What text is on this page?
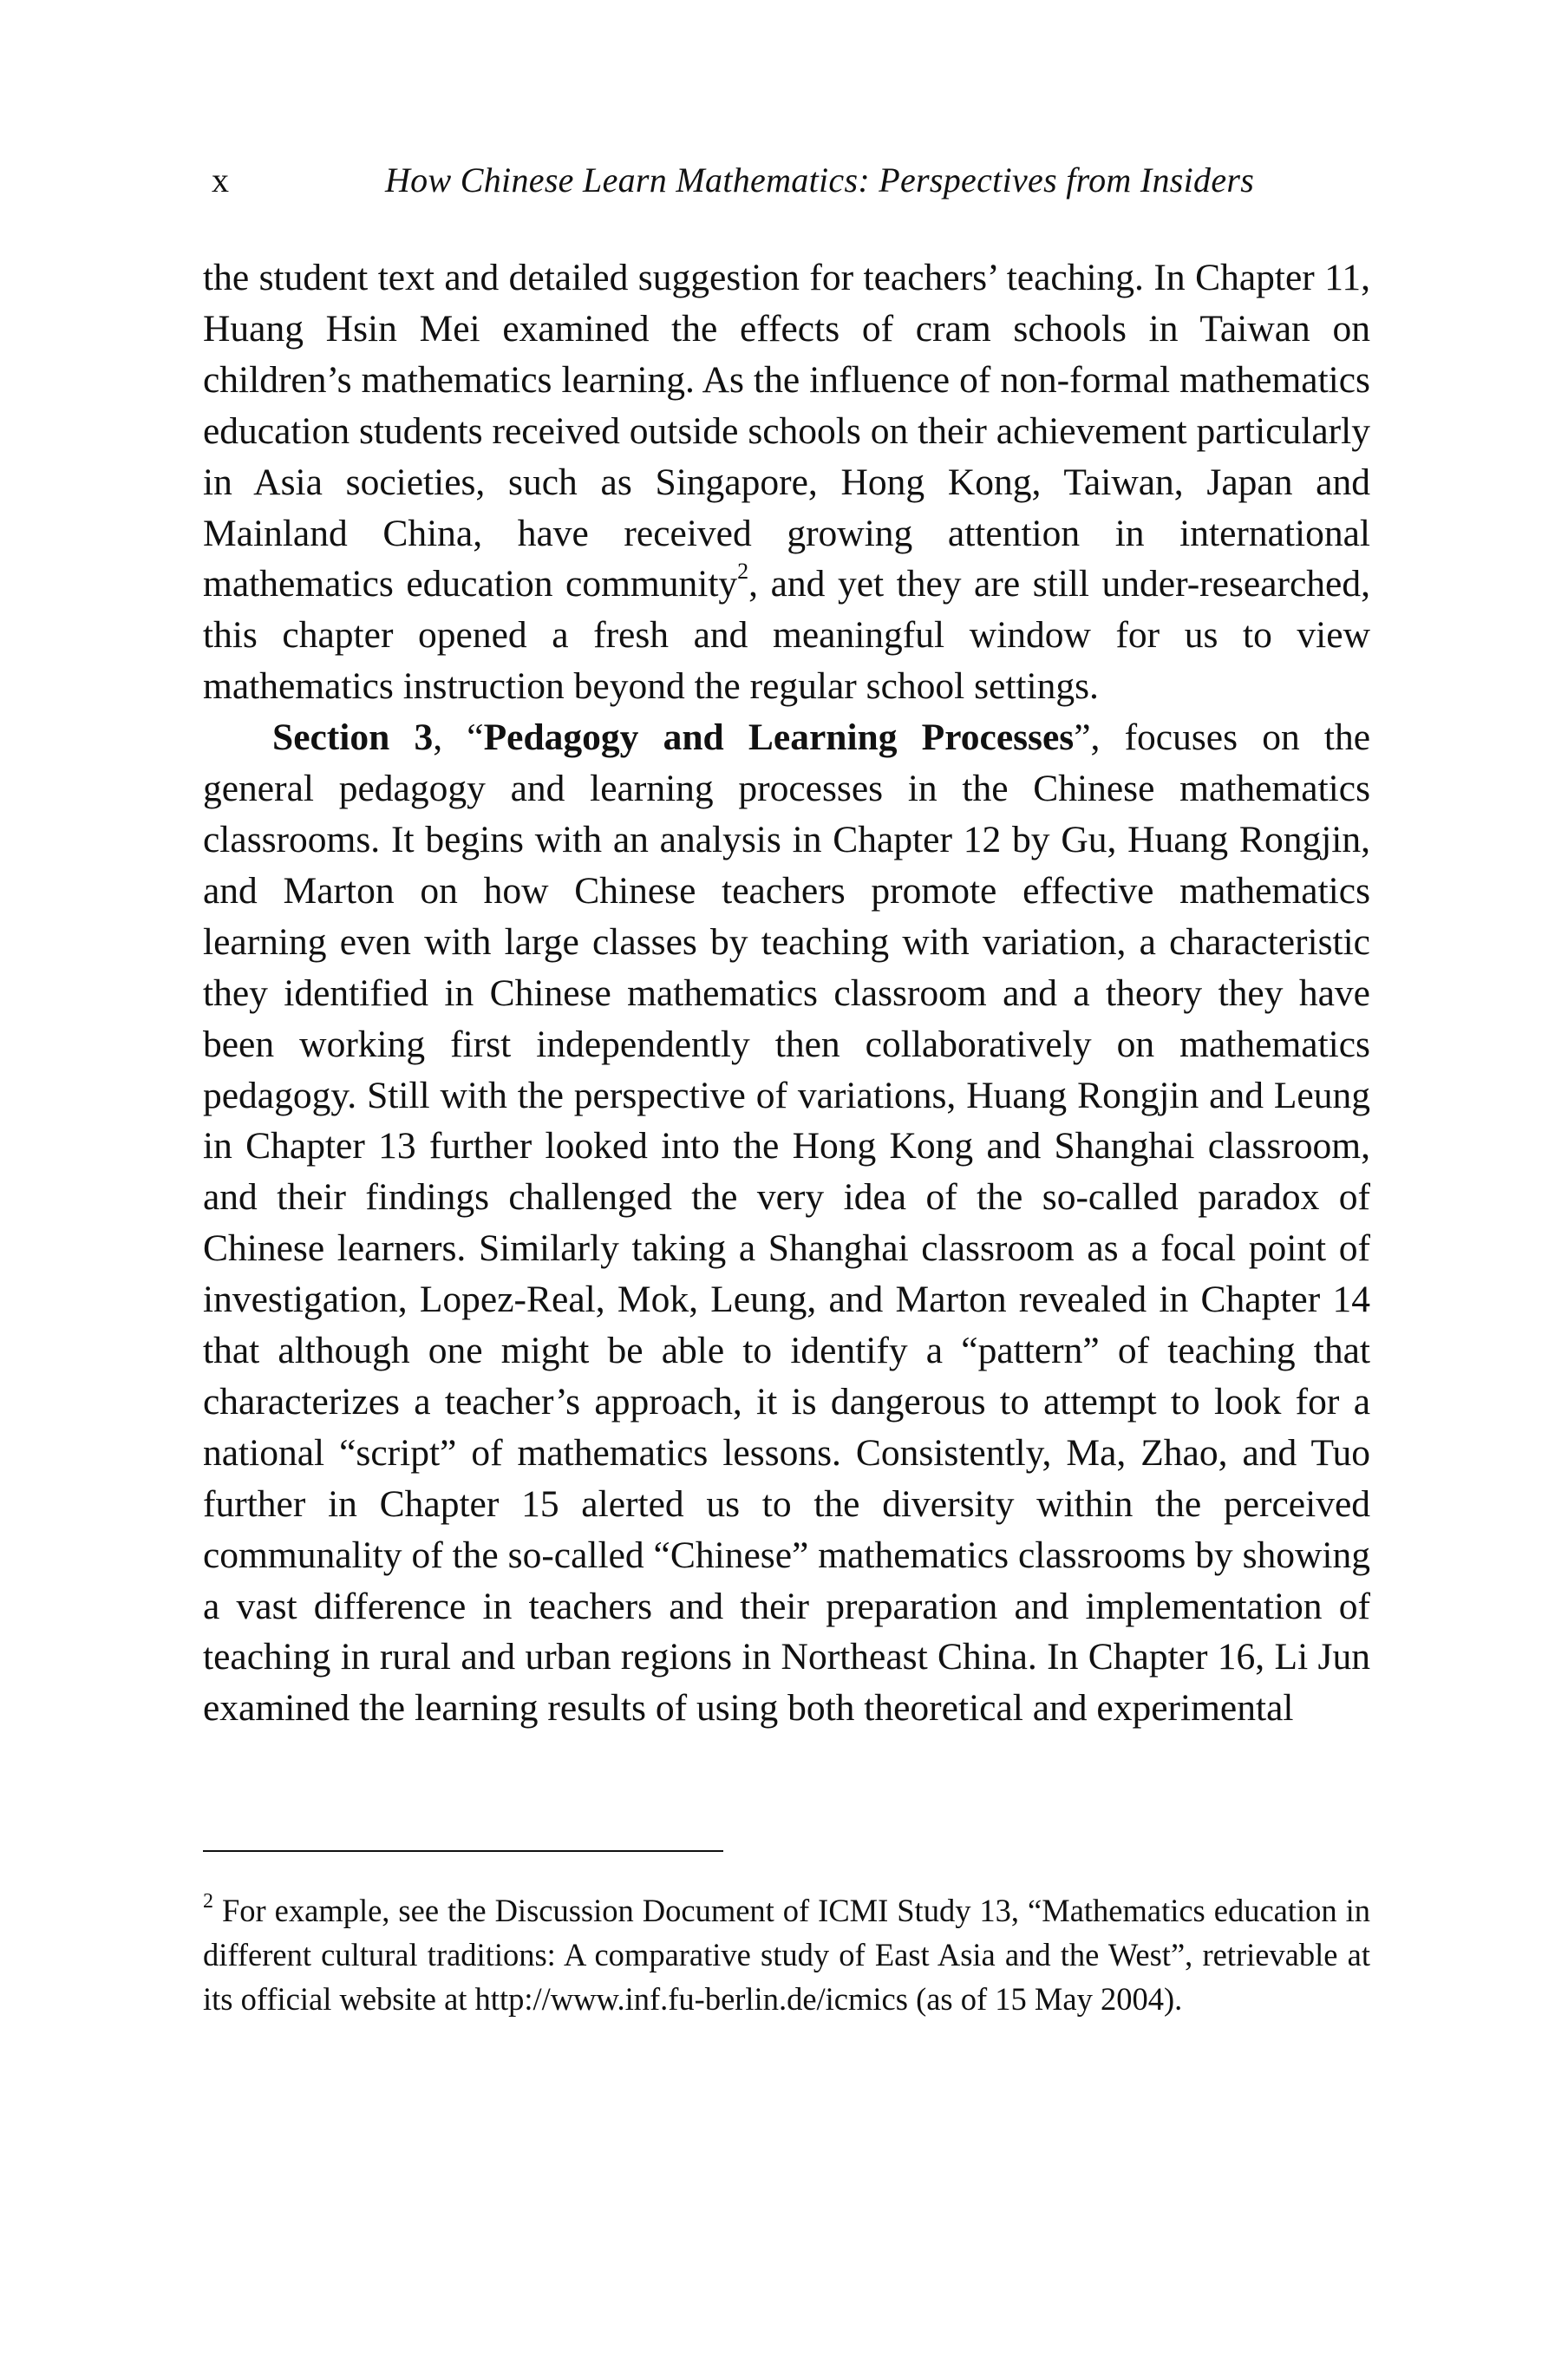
x	How Chinese Learn Mathematics: Perspectives from Insiders

the student text and detailed suggestion for teachers’ teaching. In Chapter 11, Huang Hsin Mei examined the effects of cram schools in Taiwan on children’s mathematics learning. As the influence of non-formal mathematics education students received outside schools on their achievement particularly in Asia societies, such as Singapore, Hong Kong, Taiwan, Japan and Mainland China, have received growing attention in international mathematics education community$^2$, and yet they are still under-researched, this chapter opened a fresh and meaningful window for us to view mathematics instruction beyond the regular school settings.

Section 3, “Pedagogy and Learning Processes”, focuses on the general pedagogy and learning processes in the Chinese mathematics classrooms. It begins with an analysis in Chapter 12 by Gu, Huang Rongjin, and Marton on how Chinese teachers promote effective mathematics learning even with large classes by teaching with variation, a characteristic they identified in Chinese mathematics classroom and a theory they have been working first independently then collaboratively on mathematics pedagogy. Still with the perspective of variations, Huang Rongjin and Leung in Chapter 13 further looked into the Hong Kong and Shanghai classroom, and their findings challenged the very idea of the so-called paradox of Chinese learners. Similarly taking a Shanghai classroom as a focal point of investigation, Lopez-Real, Mok, Leung, and Marton revealed in Chapter 14 that although one might be able to identify a “pattern” of teaching that characterizes a teacher’s approach, it is dangerous to attempt to look for a national “script” of mathematics lessons. Consistently, Ma, Zhao, and Tuo further in Chapter 15 alerted us to the diversity within the perceived communality of the so-called “Chinese” mathematics classrooms by showing a vast difference in teachers and their preparation and implementation of teaching in rural and urban regions in Northeast China. In Chapter 16, Li Jun examined the learning results of using both theoretical and experimental

$^2$ For example, see the Discussion Document of ICMI Study 13, “Mathematics education in different cultural traditions: A comparative study of East Asia and the West”, retrievable at its official website at http://www.inf.fu-berlin.de/icmics (as of 15 May 2004).
